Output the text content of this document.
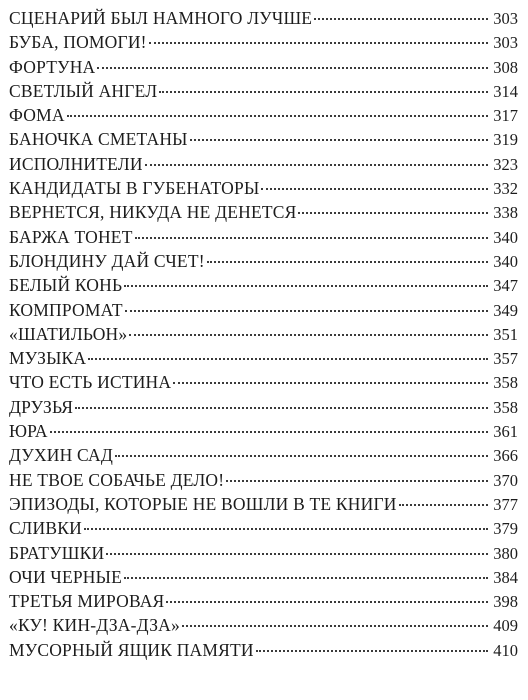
СЦЕНАРИЙ БЫЛ НАМНОГО ЛУЧШЕ	303
БУБА, ПОМОГИ!	303
ФОРТУНА	308
СВЕТЛЫЙ АНГЕЛ	314
ФОМА	317
БАНОЧКА СМЕТАНЫ	319
ИСПОЛНИТЕЛИ	323
КАНДИДАТЫ В ГУБЕНАТОРЫ	332
ВЕРНЕТСЯ, НИКУДА НЕ ДЕНЕТСЯ	338
БАРЖА ТОНЕТ	340
БЛОНДИНУ ДАЙ СЧЕТ!	340
БЕЛЫЙ КОНЬ	347
КОМПРОМАТ	349
«ШАТИЛЬОН»	351
МУЗЫКА	357
ЧТО ЕСТЬ ИСТИНА	358
ДРУЗЬЯ	358
ЮРА	361
ДУХИН САД	366
НЕ ТВОЕ СОБАЧЬЕ ДЕЛО!	370
ЭПИЗОДЫ, КОТОРЫЕ НЕ ВОШЛИ В ТЕ КНИГИ	377
СЛИВКИ	379
БРАТУШКИ	380
ОЧИ ЧЕРНЫЕ	384
ТРЕТЬЯ МИРОВАЯ	398
«КУ! КИН-ДЗА-ДЗА»	409
МУСОРНЫЙ ЯЩИК ПАМЯТИ	410
